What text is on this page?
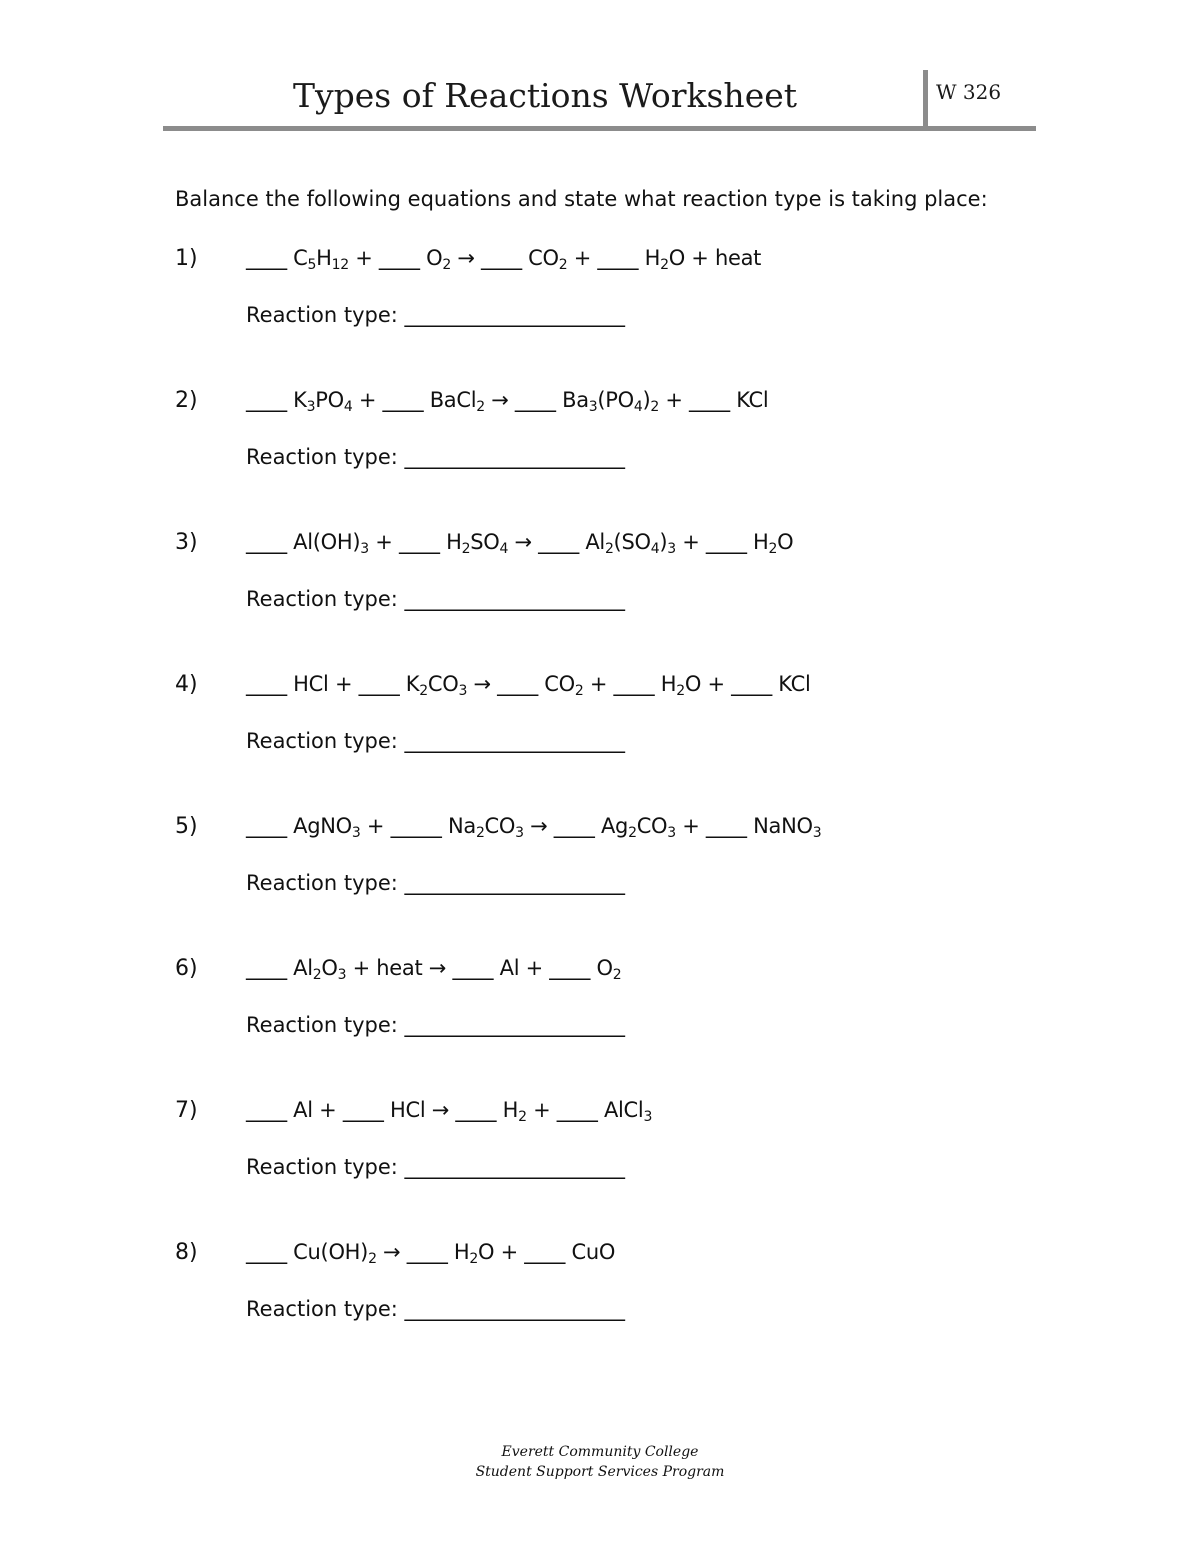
Types of Reactions Worksheet	W 326
Balance the following equations and state what reaction type is taking place:
1) ____ $C_5H_{12}$ + ____ $O_2$ → ____ $CO_2$ + ____ $H_2O$ + heat
Reaction type: _____________________
2) ____ $K_3PO_4$ + ____ BaCl$_2$ → ____ $Ba_3(PO_4)_2$ + ____ KCl
Reaction type: _____________________
3) ____ $Al(OH)_3$ + ____ $H_2SO_4$ → ____ $Al_2(SO_4)_3$ + ____ $H_2O$
Reaction type: _____________________
4) ____ HCl + ____ $K_2CO_3$ → ____ $CO_2$ + ____ $H_2O$ + ____ KCl
Reaction type: _____________________
5) ____ AgNO$_3$ + _____ $Na_2CO_3$ → ____ $Ag_2CO_3$ + ____ NaNO$_3$
Reaction type: _____________________
6) ____ $Al_2O_3$ + heat → ____ Al + ____ $O_2$
Reaction type: _____________________
7) ____ Al + ____ HCl → ____ $H_2$ + ____ AlCl$_3$
Reaction type: _____________________
8) ____ $Cu(OH)_2$ → ____ $H_2O$ + ____ CuO
Reaction type: _____________________
Everett Community College
Student Support Services Program
